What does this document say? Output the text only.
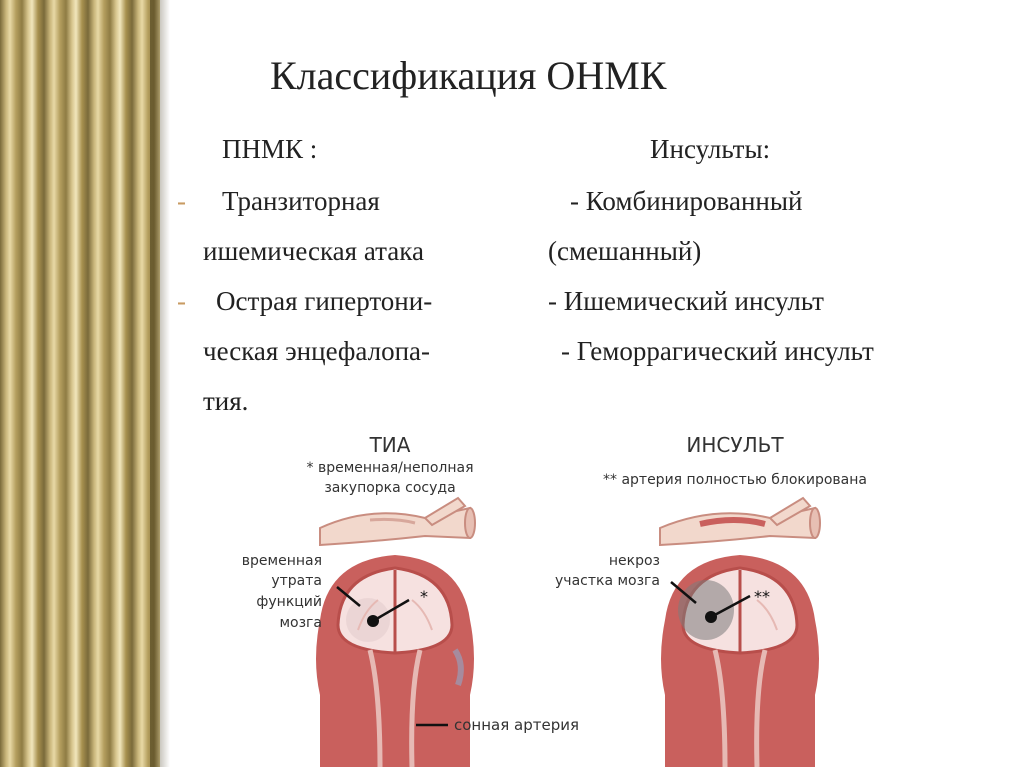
Классификация ОНМК
ПНМК :
- Транзиторная
ишемическая атака
- Острая гипертони-
ческая энцефалопа-
тия.
Инсульты:
- Комбинированный
(смешанный)
- Ишемический инсульт
- Геморрагический инсульт
ТИА
* временная/неполная
закупорка сосуда
*
временная
утрата
функций
мозга
сонная артерия
ИНСУЛЬТ
** артерия полностью блокирована
**
некроз
участка мозга
